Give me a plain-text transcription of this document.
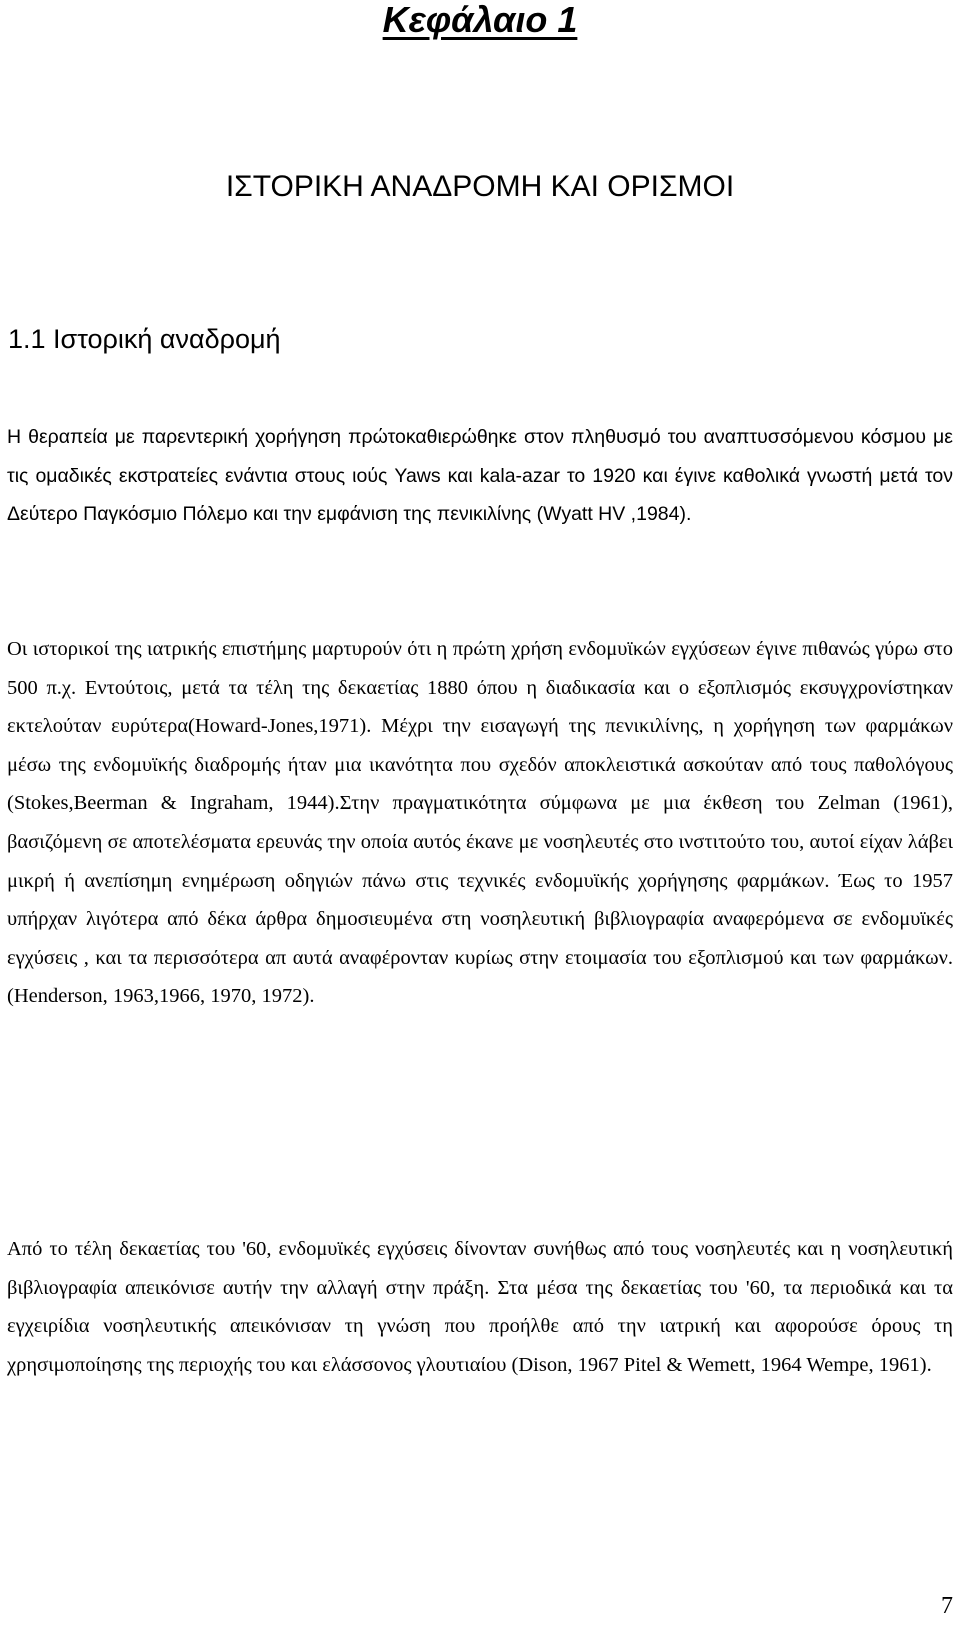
Κεφάλαιο 1
ΙΣΤΟΡΙΚΗ ΑΝΑΔΡΟΜΗ ΚΑΙ ΟΡΙΣΜΟΙ
1.1 Ιστορική αναδρομή

Η θεραπεία με παρεντερική χορήγηση πρώτοκαθιερώθηκε στον πληθυσμό του αναπτυσσόμενου κόσμου με τις ομαδικές εκστρατείες ενάντια στους ιούς Yaws και kala-azar το 1920 και έγινε καθολικά γνωστή μετά τον Δεύτερο Παγκόσμιο Πόλεμο και την εμφάνιση της πενικιλίνης (Wyatt HV ,1984).

Οι ιστορικοί της ιατρικής επιστήμης μαρτυρούν ότι η πρώτη χρήση ενδομυϊκών εγχύσεων έγινε πιθανώς γύρω στο 500 π.χ. Εντούτοις, μετά τα τέλη της δεκαετίας 1880 όπου η διαδικασία και ο εξοπλισμός εκσυγχρονίστηκαν εκτελούταν ευρύτερα(Howard-Jones,1971). Μέχρι την εισαγωγή της πενικιλίνης, η χορήγηση των φαρμάκων μέσω της ενδομυϊκής διαδρομής ήταν μια ικανότητα που σχεδόν αποκλειστικά ασκούταν από τους παθολόγους (Stokes,Beerman & Ingraham, 1944).Στην πραγματικότητα σύμφωνα με μια έκθεση του Zelman (1961), βασιζόμενη σε αποτελέσματα ερευνάς την οποία αυτός έκανε με νοσηλευτές στο ινστιτούτο του, αυτοί είχαν λάβει μικρή ή ανεπίσημη ενημέρωση οδηγιών πάνω στις τεχνικές ενδομυϊκής χορήγησης φαρμάκων. Έως το 1957 υπήρχαν λιγότερα από δέκα άρθρα δημοσιευμένα στη νοσηλευτική βιβλιογραφία αναφερόμενα σε ενδομυϊκές εγχύσεις , και τα περισσότερα απ αυτά αναφέρονταν κυρίως στην ετοιμασία του εξοπλισμού και των φαρμάκων. (Henderson, 1963,1966, 1970, 1972).

Από το τέλη δεκαετίας του '60, ενδομυϊκές εγχύσεις δίνονταν συνήθως από τους νοσηλευτές και η νοσηλευτική βιβλιογραφία απεικόνισε αυτήν την αλλαγή στην πράξη. Στα μέσα της δεκαετίας του '60, τα περιοδικά και τα εγχειρίδια νοσηλευτικής απεικόνισαν τη γνώση που προήλθε από την ιατρική και αφορούσε όρους τη χρησιμοποίησης της περιοχής του και ελάσσονος γλουτιαίου (Dison, 1967 Pitel & Wemett, 1964 Wempe, 1961).

7
